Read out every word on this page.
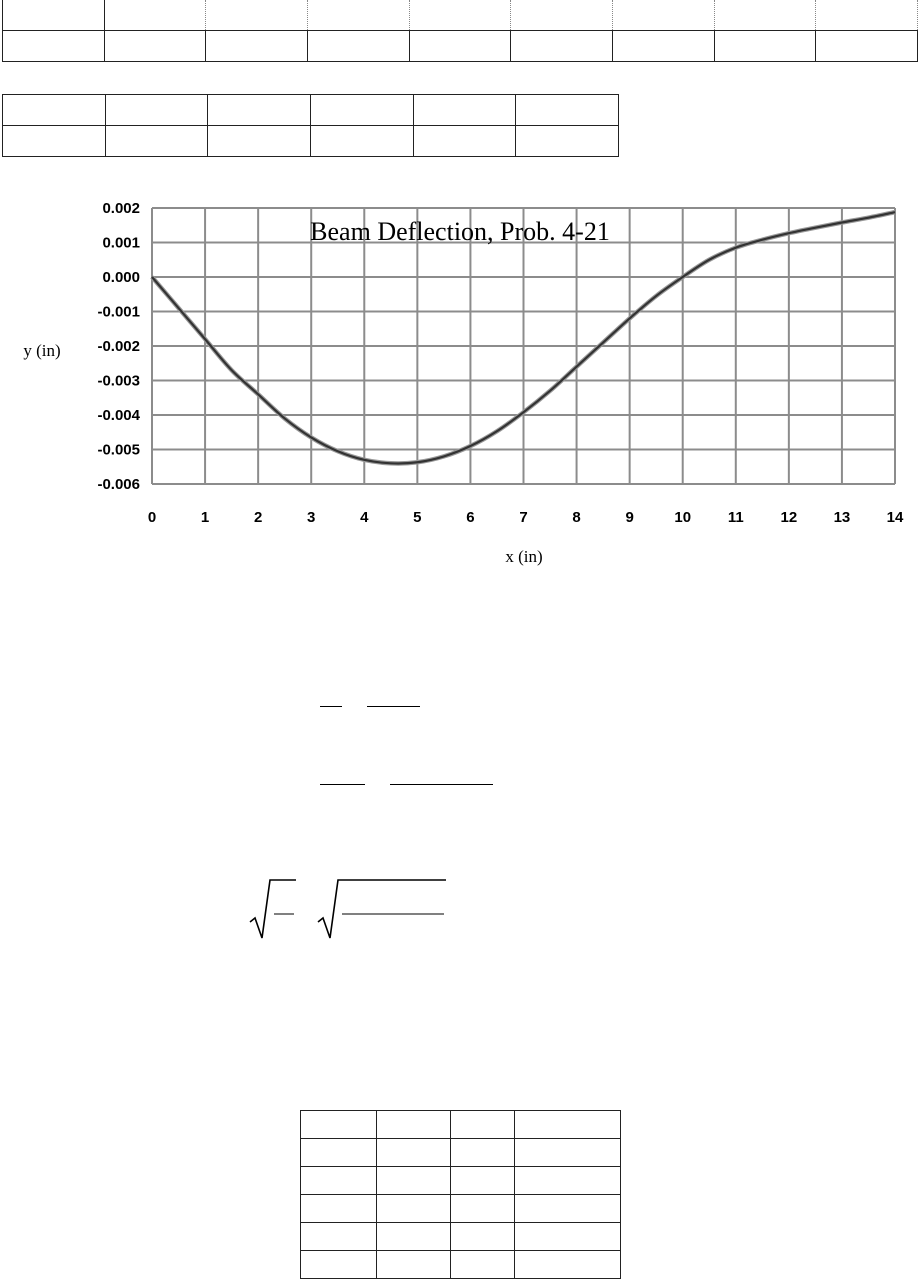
0	1	2	3	4	5	6	7	8	9	10 11 12 13 14
0.002
0.001
0.000
-0.001
-0.002
-0.003
-0.004
-0.005
-0.006
Beam Deflection, Prob. 4-21
y (in)
x (in)
